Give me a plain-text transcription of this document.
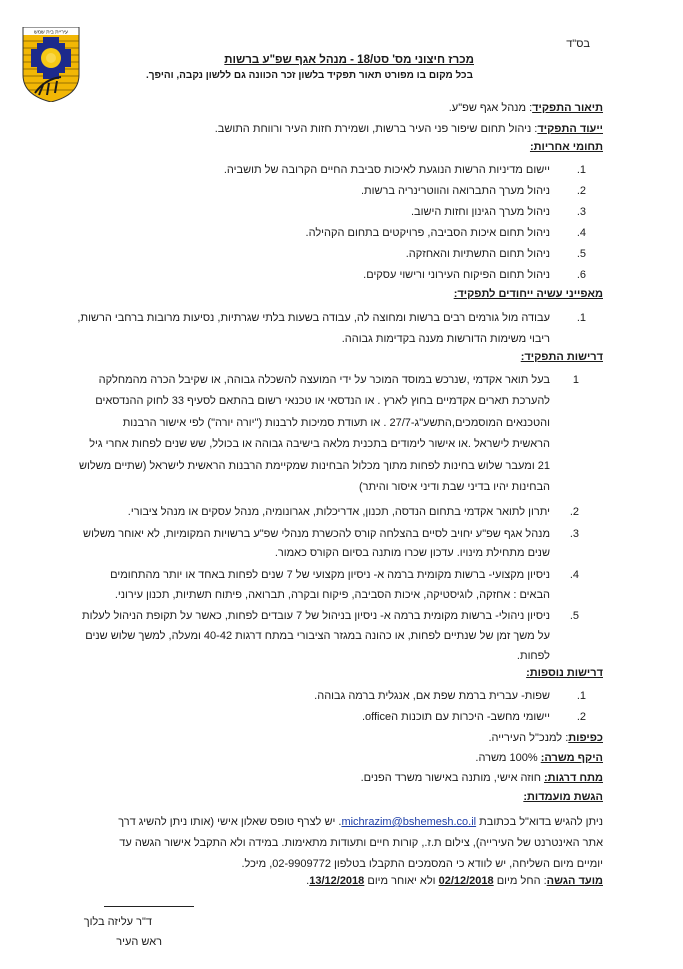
עיריית בית שמש
בס"ד
מכרז חיצוני מס' סט/18 - מנהל אגף שפ"ע ברשות
בכל מקום בו מפורט תאור תפקיד בלשון זכר הכוונה גם ללשון נקבה, והיפך.
תיאור התפקיד: מנהל אגף שפ"ע.
ייעוד התפקיד: ניהול תחום שיפור פני העיר ברשות, ושמירת חזות העיר ורווחת התושב.
תחומי אחריות:
1.יישום מדיניות הרשות הנוגעת לאיכות סביבת החיים הקרובה של תושביה.
2.ניהול מערך התברואה והווטרינריה ברשות.
3.ניהול מערך הגינון וחזות הישוב.
4.ניהול תחום איכות הסביבה, פרויקטים בתחום הקהילה.
5.ניהול תחום התשתיות והאחזקה.
6.ניהול תחום הפיקוח העירוני ורישוי עסקים.
מאפייני עשיה ייחודים לתפקיד:
1.עבודה מול גורמים רבים ברשות ומחוצה לה, עבודה בשעות בלתי שגרתיות, נסיעות מרובות ברחבי הרשות,
ריבוי משימות הדורשות מענה בקדימות גבוהה.
דרישות התפקיד:
1
בעל תואר אקדמי ,שנרכש במוסד המוכר על ידי המועצה להשכלה גבוהה, או שקיבל הכרה מהמחלקה
להערכת תארים אקדמיים בחוץ לארץ . או הנדסאי או טכנאי רשום בהתאם לסעיף 33 לחוק ההנדסאים
והטכנאים המוסמכים,התשע"ג-27/7 . או תעודת סמיכות לרבנות ("יורה יורה") לפי אישור הרבנות
הראשית לישראל .או אישור לימודים בתכנית מלאה בישיבה גבוהה או בכולל, שש שנים לפחות אחרי גיל
21 ומעבר שלוש בחינות לפחות מתוך מכלול הבחינות שמקיימת הרבנות הראשית לישראל (שתיים משלוש
הבחינות יהיו בדיני שבת ודיני איסור והיתר)
2.
יתרון לתואר אקדמי בתחום הנדסה, תכנון, אדריכלות, אגרונומיה, מנהל עסקים או מנהל ציבורי.
3.
מנהל אגף שפ"ע יחויב לסיים בהצלחה קורס להכשרת מנהלי שפ"ע ברשויות המקומיות, לא יאוחר משלוש
שנים מתחילת מינויו. עדכון שכרו מותנה בסיום הקורס כאמור.
4.
ניסיון מקצועי- ברשות מקומית ברמה א- ניסיון מקצועי של 7 שנים לפחות באחד או יותר מהתחומים
הבאים : אחזקה, לוגיסטיקה, איכות הסביבה, פיקוח ובקרה, תברואה, פיתוח תשתיות, תכנון עירוני.
5.
ניסיון ניהולי- ברשות מקומית ברמה א- ניסיון בניהול של 7 עובדים לפחות, כאשר על תקופת הניהול לעלות
על משך זמן של שנתיים לפחות, או כהונה במגזר הציבורי במתח דרגות 40-42 ומעלה, למשך שלוש שנים
לפחות.
דרישות נוספות:
1.שפות- עברית ברמת שפת אם, אנגלית ברמה גבוהה.
2.יישומי מחשב- היכרות עם תוכנות הoffice.
כפיפות: למנכ"ל העירייה.
היקף משרה: 100% משרה.
מתח דרגות: חוזה אישי, מותנה באישור משרד הפנים.
הגשת מועמדות:
ניתן להגיש בדוא"ל בכתובת michrazim@bshemesh.co.il. יש לצרף טופס שאלון אישי (אותו ניתן להשיג דרך
אתר האינטרנט של העירייה), צילום ת.ז., קורות חיים ותעודות מתאימות. במידה ולא התקבל אישור הגשה עד
יומיים מיום השליחה, יש לוודא כי המסמכים התקבלו בטלפון 02-9909772, מיכל.
מועד הגשה: החל מיום 02/12/2018 ולא יאוחר מיום 13/12/2018.
ד"ר עליזה בלוך
ראש העיר
